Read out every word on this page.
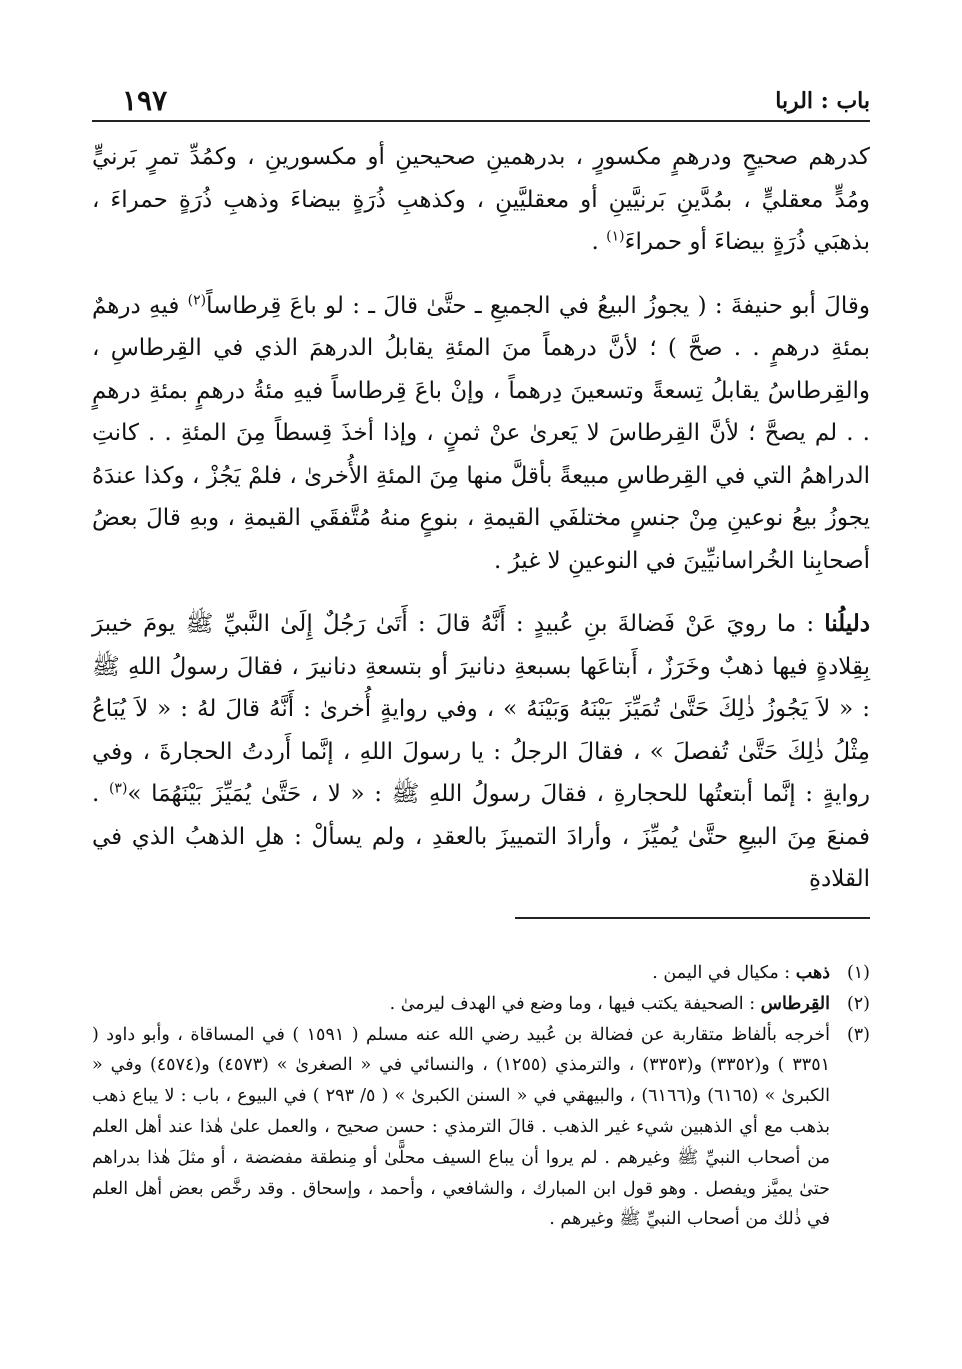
باب : الربا
١٩٧

كدرهم صحيحٍ ودرهمٍ مكسورٍ ، بدرهمينِ صحيحينِ أو مكسورينِ ، وكمُدِّ تمرٍ بَرنيٍّ ومُدٍّ معقليٍّ ، بمُدَّينِ بَرنيَّينِ أو معقليَّينِ ، وكذهبِ ذُرَةٍ بيضاءَ وذهبِ ذُرَةٍ حمراءَ ، بذهبَي ذُرَةٍ بيضاءَ أو حمراءَ$^{(١)}$ .

وقالَ أبو حنيفةَ : ( يجوزُ البيعُ في الجميعِ ـ حتَّىٰ قالَ ـ : لو باعَ قِرطاساً$^{(٢)}$ فيهِ درهمٌ بمئةِ درهمٍ . . صحَّ ) ؛ لأنَّ درهماً منَ المئةِ يقابلُ الدرهمَ الذي في القِرطاسِ ، والقِرطاسُ يقابلُ تِسعةً وتسعينَ دِرهماً ، وإنْ باعَ قِرطاساً فيهِ مئةُ درهمٍ بمئةِ درهمٍ . . لم يصحَّ ؛ لأنَّ القِرطاسَ لا يَعرىٰ عنْ ثمنٍ ، وإذا أخذَ قِسطاً مِنَ المئةِ . . كانتِ الدراهمُ التي في القِرطاسِ مبيعةً بأقلَّ منها مِنَ المئةِ الأُخرىٰ ، فلمْ يَجُزْ ، وكذا عندَهُ يجوزُ بيعُ نوعينِ مِنْ جنسٍ مختلفَي القيمةِ ، بنوعٍ منهُ مُتَّفقَي القيمةِ ، وبهِ قالَ بعضُ أصحابِنا الخُراسانيِّينَ في النوعينِ لا غيرُ .

دليلُنا : ما رويَ عَنْ فَضالةَ بنِ عُبيدٍ : أَنَّهُ قالَ : أَتَىٰ رَجُلٌ إِلَىٰ النَّبيِّ ﷺ يومَ خيبرَ بِقِلادةٍ فيها ذهبٌ وخَرَزٌ ، أَبتاعَها بسبعةِ دنانيرَ أو بتسعةِ دنانيرَ ، فقالَ رسولُ اللهِ ﷺ : « لاَ يَجُوزُ ذٰلِكَ حَتَّىٰ تُمَيِّزَ بَيْنَهُ وَبَيْنَهُ » ، وفي روايةٍ أُخرىٰ : أَنَّهُ قالَ لهُ : « لاَ يُبَاعُ مِثْلُ ذٰلِكَ حَتَّىٰ تُفصلَ » ، فقالَ الرجلُ : يا رسولَ اللهِ ، إنَّما أَردتُ الحجارةَ ، وفي روايةٍ : إنَّما أبتعتُها للحجارةِ ، فقالَ رسولُ اللهِ ﷺ : « لا ، حَتَّىٰ يُمَيِّزَ بَيْنَهُمَا »$^{(٣)}$ . فمنعَ مِنَ البيعِ حتَّىٰ يُميِّزَ ، وأرادَ التمييزَ بالعقدِ ، ولم يسألْ : هلِ الذهبُ الذي في القلادةِ

(١)
ذهب : مكيال في اليمن .
(٢)
القِرطاس : الصحيفة يكتب فيها ، وما وضع في الهدف ليرمىٰ .
(٣)
أخرجه بألفاظ متقاربة عن فضالة بن عُبيد رضي الله عنه مسلم ( ١٥٩١ ) في المساقاة ، وأبو داود ( ٣٣٥١ ) و(٣٣٥٢) و(٣٣٥٣) ، والترمذي (١٢٥٥) ، والنسائي في « الصغرىٰ » (٤٥٧٣) و(٤٥٧٤) وفي « الكبرىٰ » (٦١٦٥) و(٦١٦٦) ، والبيهقي في « السنن الكبرىٰ » ( ٥/ ٢٩٣ ) في البيوع ، باب : لا يباع ذهب بذهب مع أي الذهبين شيء غير الذهب . قالَ الترمذي : حسن صحيح ، والعمل علىٰ هٰذا عند أهل العلم من أصحاب النبيِّ ﷺ وغيرهم . لم يروا أن يباع السيف محلًّىٰ أو مِنطقة مفضضة ، أو مثلَ هٰذا بدراهم حتىٰ يميَّز ويفصل . وهو قول ابن المبارك ، والشافعي ، وأحمد ، وإسحاق . وقد رخَّص بعض أهل العلم في ذٰلك من أصحاب النبيِّ ﷺ وغيرهم .
